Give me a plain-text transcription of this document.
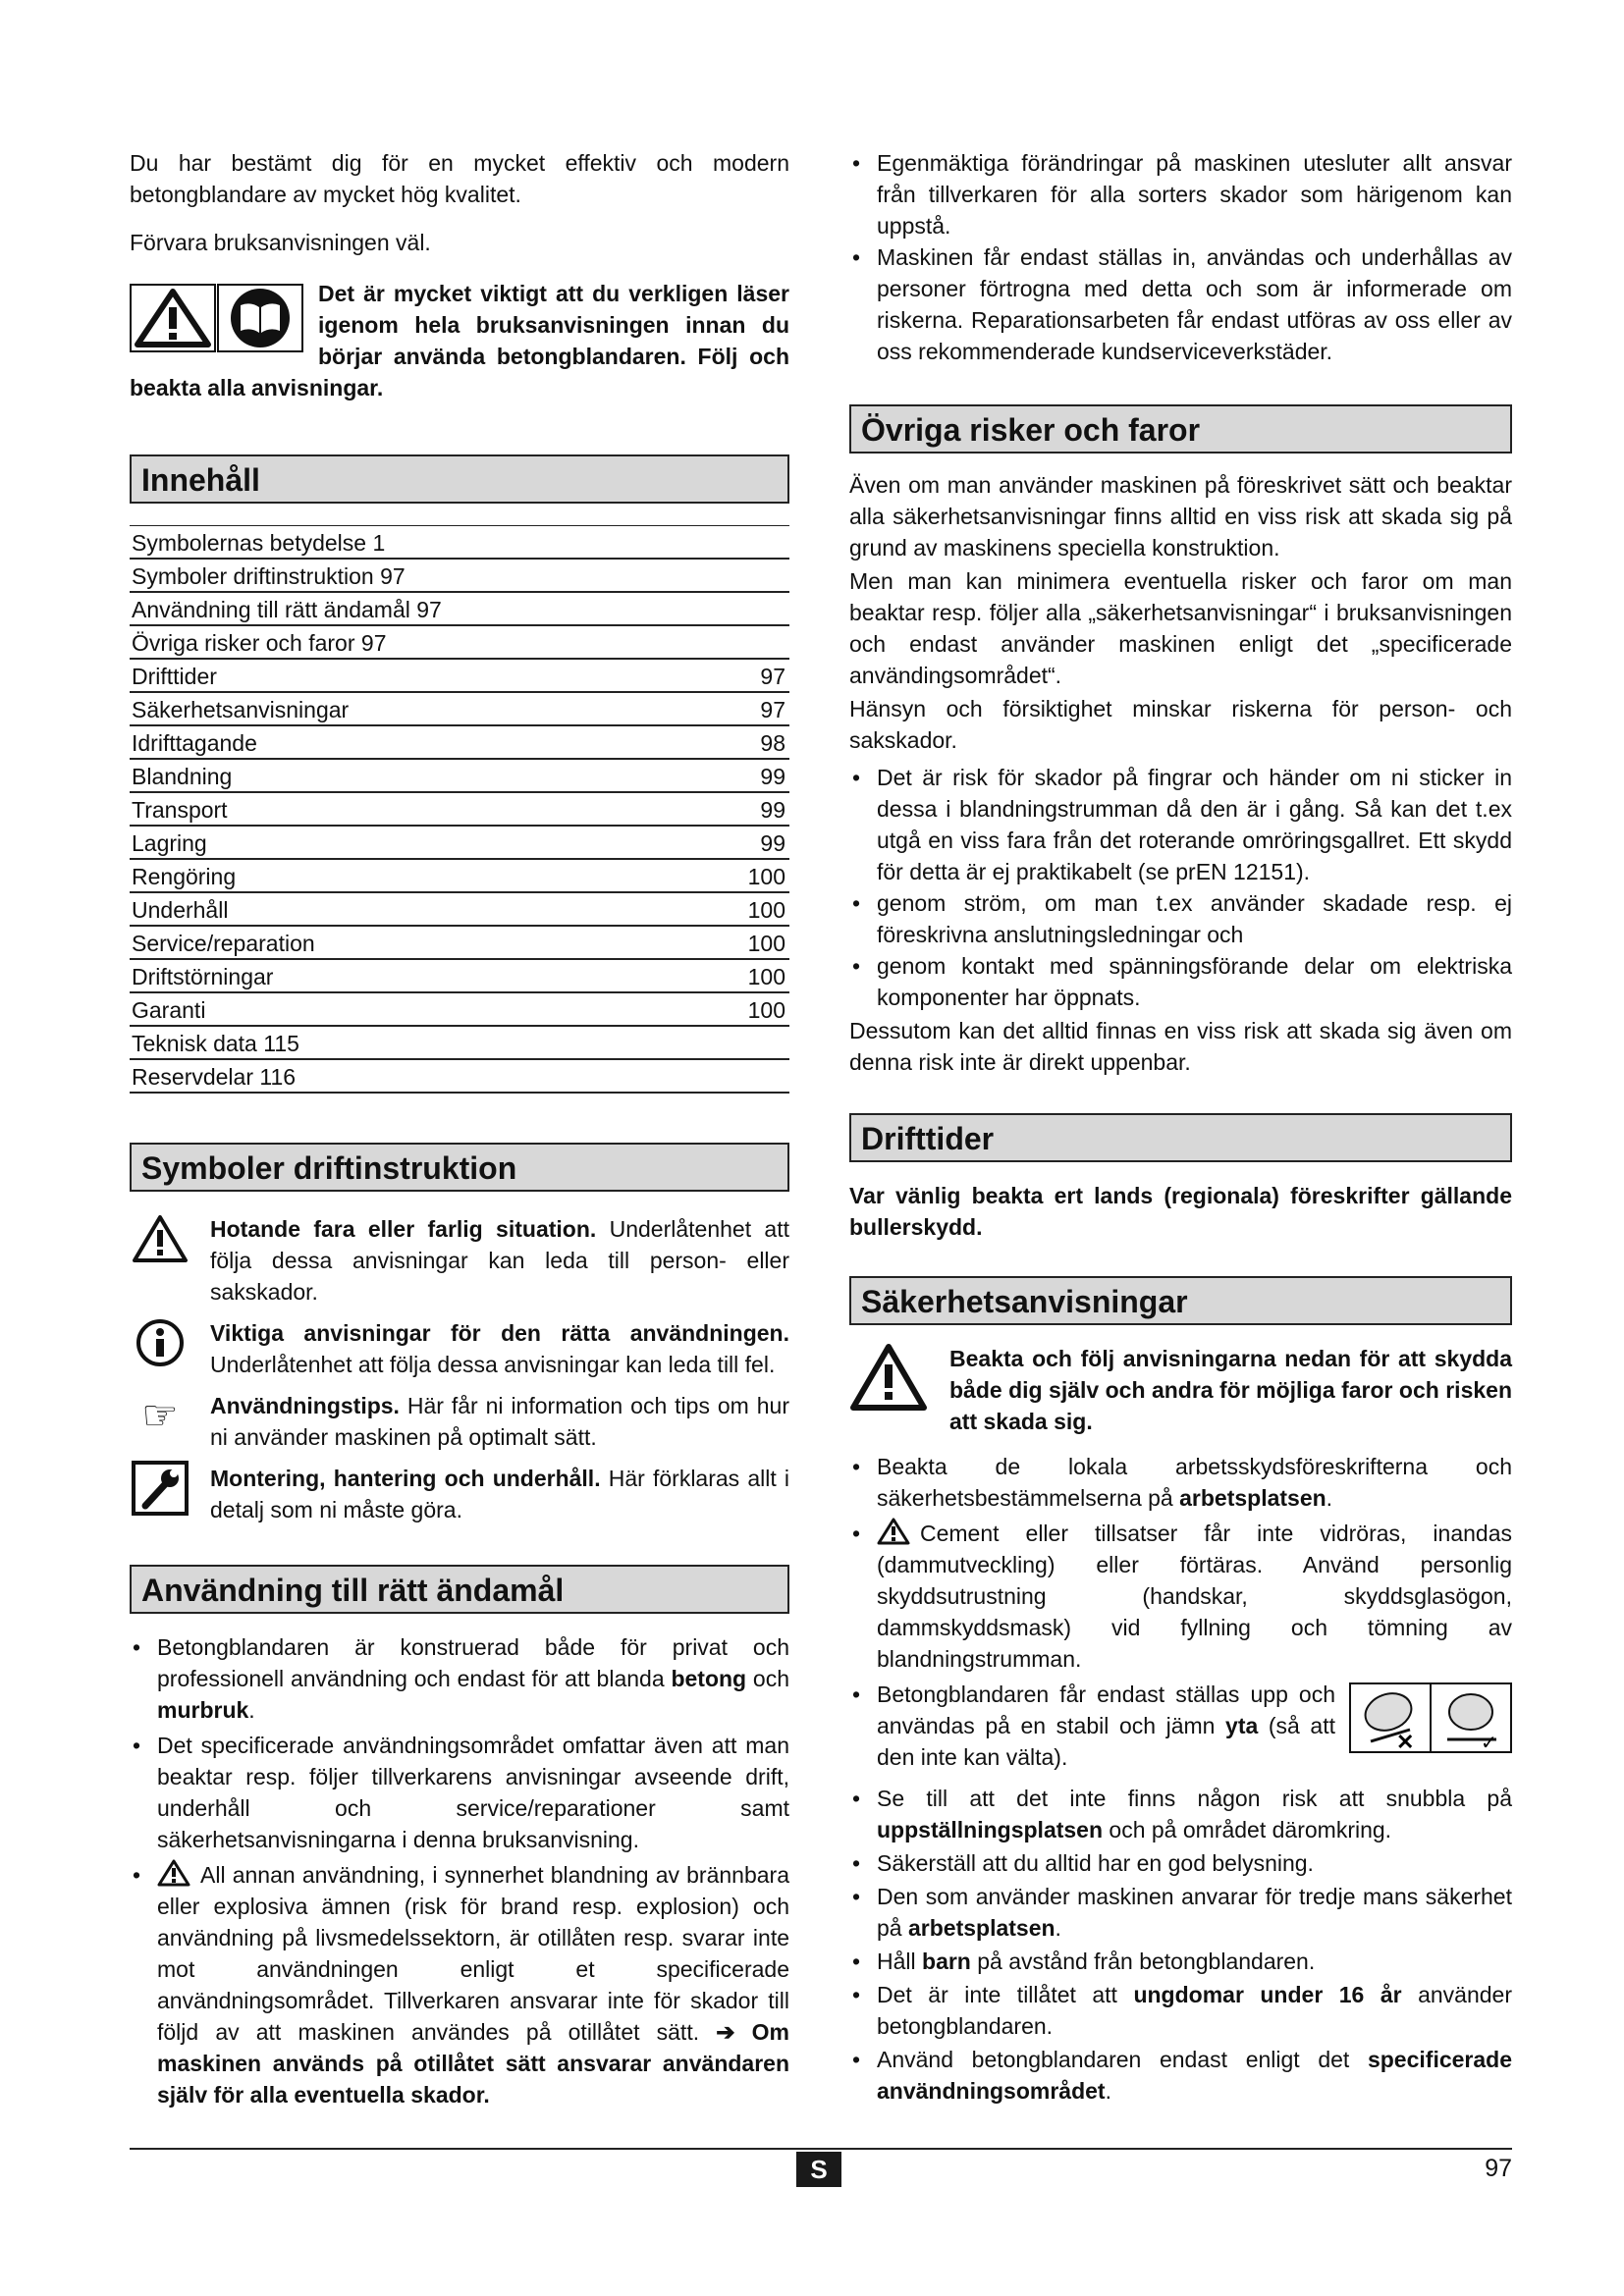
Du har bestämt dig för en mycket effektiv och modern betongblandare av mycket hög kvalitet.

Förvara bruksanvisningen väl.

Det är mycket viktigt att du verkligen läser igenom hela bruksanvisningen innan du börjar använda betongblandaren. Följ och beakta alla anvisningar.
Innehåll
Symbolernas betydelse 1
Symboler driftinstruktion 97
Användning till rätt ändamål 97
Övriga risker och faror 97
Drifttider	97
Säkerhetsanvisningar	97
Idrifttagande	98
Blandning	99
Transport	99
Lagring	99
Rengöring	100
Underhåll	100
Service/reparation	100
Driftstörningar	100
Garanti	100
Teknisk data 115
Reservdelar 116
Symboler driftinstruktion
Hotande fara eller farlig situation. Underlåtenhet att följa dessa anvisningar kan leda till person- eller sakskador.
Viktiga anvisningar för den rätta användningen. Underlåtenhet att följa dessa anvisningar kan leda till fel.
☞	Användningstips. Här får ni information och tips om hur ni använder maskinen på optimalt sätt.
Montering, hantering och underhåll. Här förklaras allt i detalj som ni måste göra.
Användning till rätt ändamål
• Betongblandaren är konstruerad både för privat och professionell användning och endast för att blanda betong och murbruk.
• Det specificerade användningsområdet omfattar även att man beaktar resp. följer tillverkarens anvisningar avseende drift, underhåll och service/reparationer samt säkerhetsanvisningarna i denna bruksanvisning.
• All annan användning, i synnerhet blandning av brännbara eller explosiva ämnen (risk för brand resp. explosion) och användning på livsmedelssektorn, är otillåten resp. svarar inte mot användningen enligt et specificerade användningsområdet. Tillverkaren ansvarar inte för skador till följd av att maskinen användes på otillåtet sätt. ➔ Om maskinen används på otillåtet sätt ansvarar användaren själv för alla eventuella skador.
• Egenmäktiga förändringar på maskinen utesluter allt ansvar från tillverkaren för alla sorters skador som härigenom kan uppstå.
• Maskinen får endast ställas in, användas och underhållas av personer förtrogna med detta och som är informerade om riskerna. Reparationsarbeten får endast utföras av oss eller av oss rekommenderade kundserviceverkstäder.
Övriga risker och faror

Även om man använder maskinen på föreskrivet sätt och beaktar alla säkerhetsanvisningar finns alltid en viss risk att skada sig på grund av maskinens speciella konstruktion.

Men man kan minimera eventuella risker och faror om man beaktar resp. följer alla „säkerhetsanvisningar“ i bruksanvisningen och endast använder maskinen enligt det „specificerade användingsområdet“.

Hänsyn och försiktighet minskar riskerna för person- och sakskador.

• Det är risk för skador på fingrar och händer om ni sticker in dessa i blandningstrumman då den är i gång. Så kan det t.ex utgå en viss fara från det roterande omröringsgallret. Ett skydd för detta är ej praktikabelt (se prEN 12151).
• genom ström, om man t.ex använder skadade resp. ej föreskrivna anslutningsledningar och
• genom kontakt med spänningsförande delar om elektriska komponenter har öppnats.

Dessutom kan det alltid finnas en viss risk att skada sig även om denna risk inte är direkt uppenbar.

Drifttider

Var vänlig beakta ert lands (regionala) föreskrifter gällande bullerskydd.

Säkerhetsanvisningar
Beakta och följ anvisningarna nedan för att skydda både dig själv och andra för möjliga faror och risken att skada sig.
• Beakta de lokala arbetsskydsföreskrifterna och säkerhetsbestämmelserna på arbetsplatsen.
• Cement eller tillsatser får inte vidröras, inandas (dammutveckling) eller förtäras. Använd personlig skyddsutrustning (handskar, skyddsglasögon, dammskyddsmask) vid fyllning och tömning av blandningstrumman.
• ✕	✓
Betongblandaren får endast ställas upp och användas på en stabil och jämn yta (så att den inte kan välta).
• Se till att det inte finns någon risk att snubbla på uppställningsplatsen och på området däromkring.
• Säkerställ att du alltid har en god belysning.
• Den som använder maskinen anvarar för tredje mans säkerhet på arbetsplatsen.
• Håll barn på avstånd från betongblandaren.
• Det är inte tillåtet att ungdomar under 16 år använder betongblandaren.
• Använd betongblandaren endast enligt det specificerade användningsområdet.
S	97
